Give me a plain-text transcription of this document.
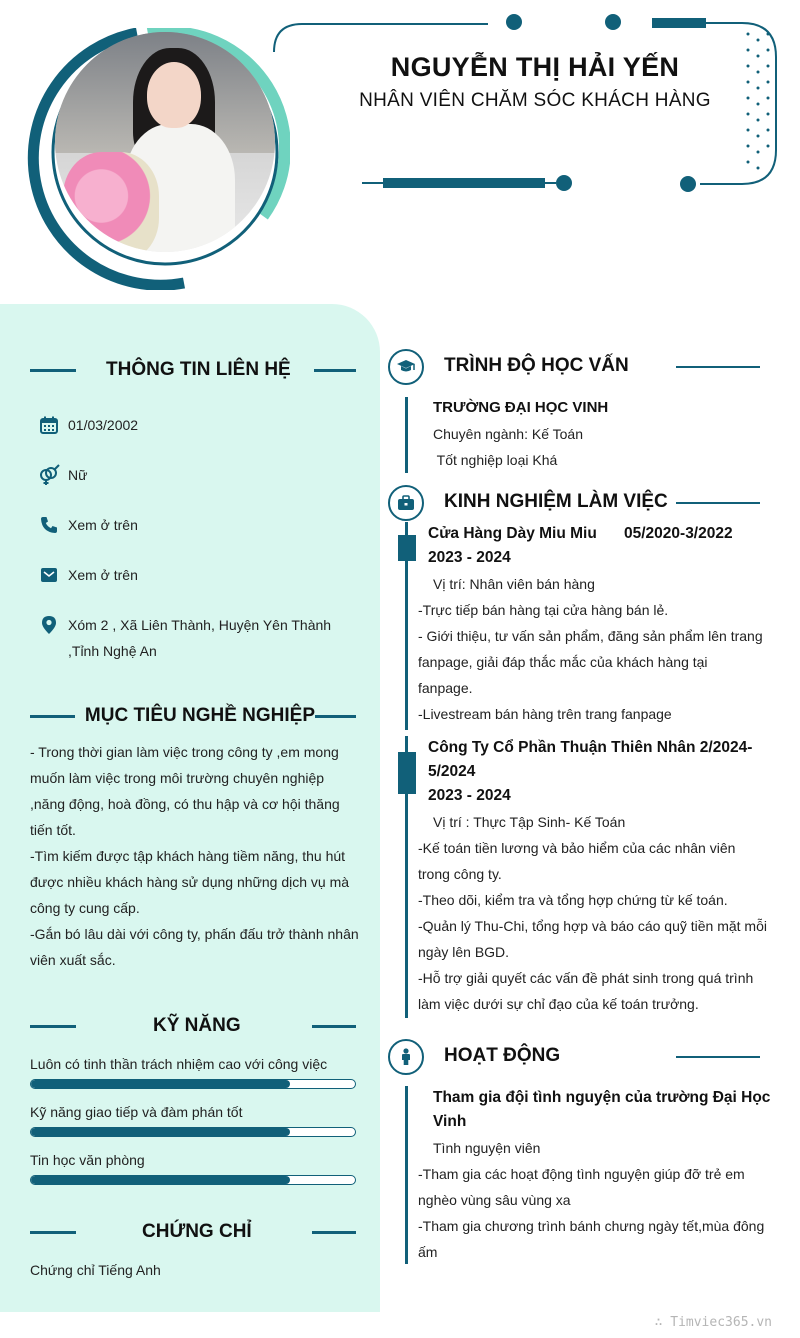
NGUYỄN THỊ HẢI YẾN
NHÂN VIÊN CHĂM SÓC KHÁCH HÀNG
THÔNG TIN LIÊN HỆ
01/03/2002
Nữ
Xem ở trên
Xem ở trên
Xóm 2 , Xã Liên Thành, Huyện Yên Thành
,Tỉnh Nghệ An
MỤC TIÊU NGHỀ NGHIỆP
- Trong thời gian làm việc trong công ty ,em mong
muốn làm việc trong môi trường chuyên nghiệp
,năng động, hoà đồng, có thu hập và cơ hội thăng
tiến tốt.
-Tìm kiếm được tập khách hàng tiềm năng, thu hút
được nhiều khách hàng sử dụng những dịch vụ mà
công ty cung cấp.
-Gắn bó lâu dài với công ty, phấn đấu trở thành nhân
viên xuất sắc.
KỸ NĂNG
Luôn có tinh thần trách nhiệm cao với công việc
Kỹ năng giao tiếp và đàm phán tốt
Tin học văn phòng
CHỨNG CHỈ
Chứng chỉ Tiếng Anh
TRÌNH ĐỘ HỌC VẤN
TRƯỜNG ĐẠI HỌC VINH
Chuyên ngành: Kế Toán
Tốt nghiệp loại Khá
KINH NGHIỆM LÀM VIỆC
Cửa Hàng Dày Miu Miu 05/2020-3/2022
2023 - 2024
Vị trí: Nhân viên bán hàng
-Trực tiếp bán hàng tại cửa hàng bán lẻ.
- Giới thiệu, tư vấn sản phẩm, đăng sản phẩm lên trang
fanpage, giải đáp thắc mắc của khách hàng tại
fanpage.
-Livestream bán hàng trên trang fanpage
Công Ty Cổ Phần Thuận Thiên Nhân 2/2024-
5/2024
2023 - 2024
Vị trí : Thực Tập Sinh- Kế Toán
-Kế toán tiền lương và bảo hiểm của các nhân viên
trong công ty.
-Theo dõi, kiểm tra và tổng hợp chứng từ kế toán.
-Quản lý Thu-Chi, tổng hợp và báo cáo quỹ tiền mặt mỗi
ngày lên BGD.
-Hỗ trợ giải quyết các vấn đề phát sinh trong quá trình
làm việc dưới sự chỉ đạo của kế toán trưởng.
HOẠT ĐỘNG
Tham gia đội tình nguyện của trường Đại Học
Vinh
Tình nguyện viên
-Tham gia các hoạt động tình nguyện giúp đỡ trẻ em
nghèo vùng sâu vùng xa
-Tham gia chương trình bánh chưng ngày tết,mùa đông
ấm
∴ Timviec365.vn
